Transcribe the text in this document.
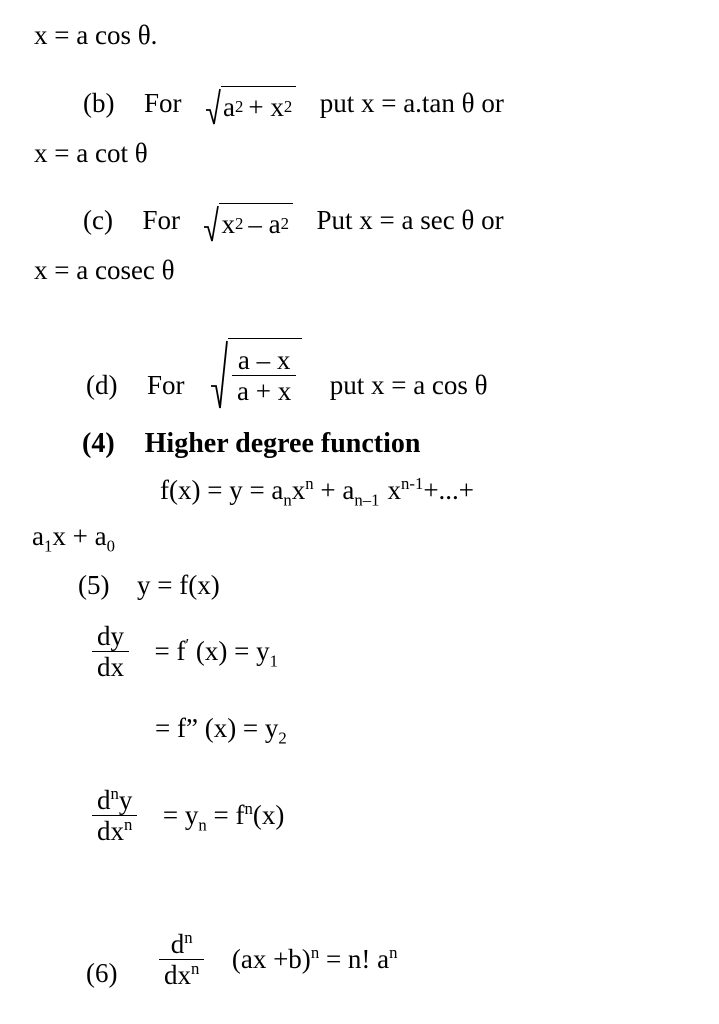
x = a cos θ.
(b) For a 2 + x 2 put x = a.tan θ or
x = a cot θ
(c) For x 2 – a 2 Put x = a sec θ or
x = a cosec θ
(d) For $\frac{a - x}{a + x}$ put x = a cos θ
(4) Higher degree function
$f(x) = y = a_nx^n + a_{n-1}$ $x^{n-1}+...+$
$a_1x + a_0$
(5) y = f(x)
$\frac{dy}{dx} = f'$ $(x) = y_1$
= f” $(x) = y_2$
$\frac{d^ny}{dx^n} = y_n = f^n(x)$
$(6) \frac{d^n}{dx^n} (ax +b)^n = n$! $a^n$
